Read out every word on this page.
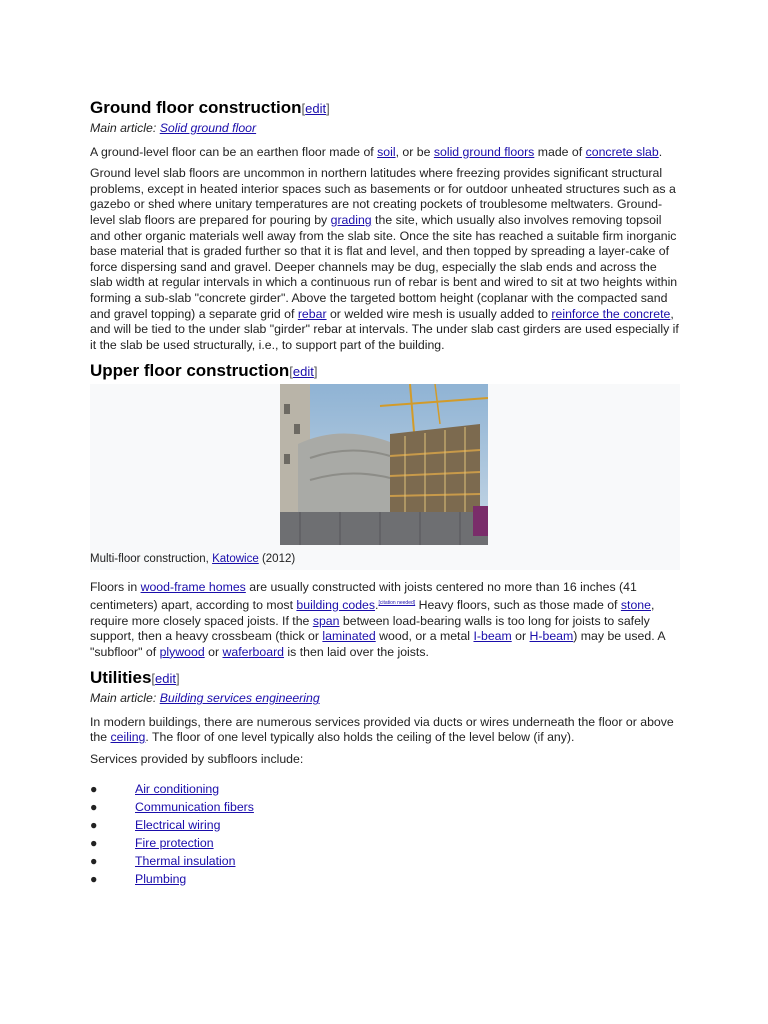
Ground floor construction[edit]
Main article: Solid ground floor

A ground-level floor can be an earthen floor made of soil, or be solid ground floors made of concrete slab.

Ground level slab floors are uncommon in northern latitudes where freezing provides significant structural problems, except in heated interior spaces such as basements or for outdoor unheated structures such as a gazebo or shed where unitary temperatures are not creating pockets of troublesome meltwaters. Ground-level slab floors are prepared for pouring by grading the site, which usually also involves removing topsoil and other organic materials well away from the slab site. Once the site has reached a suitable firm inorganic base material that is graded further so that it is flat and level, and then topped by spreading a layer-cake of force dispersing sand and gravel. Deeper channels may be dug, especially the slab ends and across the slab width at regular intervals in which a continuous run of rebar is bent and wired to sit at two heights within forming a sub-slab "concrete girder". Above the targeted bottom height (coplanar with the compacted sand and gravel topping) a separate grid of rebar or welded wire mesh is usually added to reinforce the concrete, and will be tied to the under slab "girder" rebar at intervals. The under slab cast girders are used especially if it the slab be used structurally, i.e., to support part of the building.

Upper floor construction[edit]
Multi-floor construction, Katowice (2012)

Floors in wood-frame homes are usually constructed with joists centered no more than 16 inches (41 centimeters) apart, according to most building codes.[citation needed] Heavy floors, such as those made of stone, require more closely spaced joists. If the span between load-bearing walls is too long for joists to safely support, then a heavy crossbeam (thick or laminated wood, or a metal I-beam or H-beam) may be used. A "subfloor" of plywood or waferboard is then laid over the joists.

Utilities[edit]
Main article: Building services engineering

In modern buildings, there are numerous services provided via ducts or wires underneath the floor or above the ceiling. The floor of one level typically also holds the ceiling of the level below (if any).

Services provided by subfloors include:

●	Air conditioning
●	Communication fibers
●	Electrical wiring
●	Fire protection
●	Thermal insulation
●	Plumbing
